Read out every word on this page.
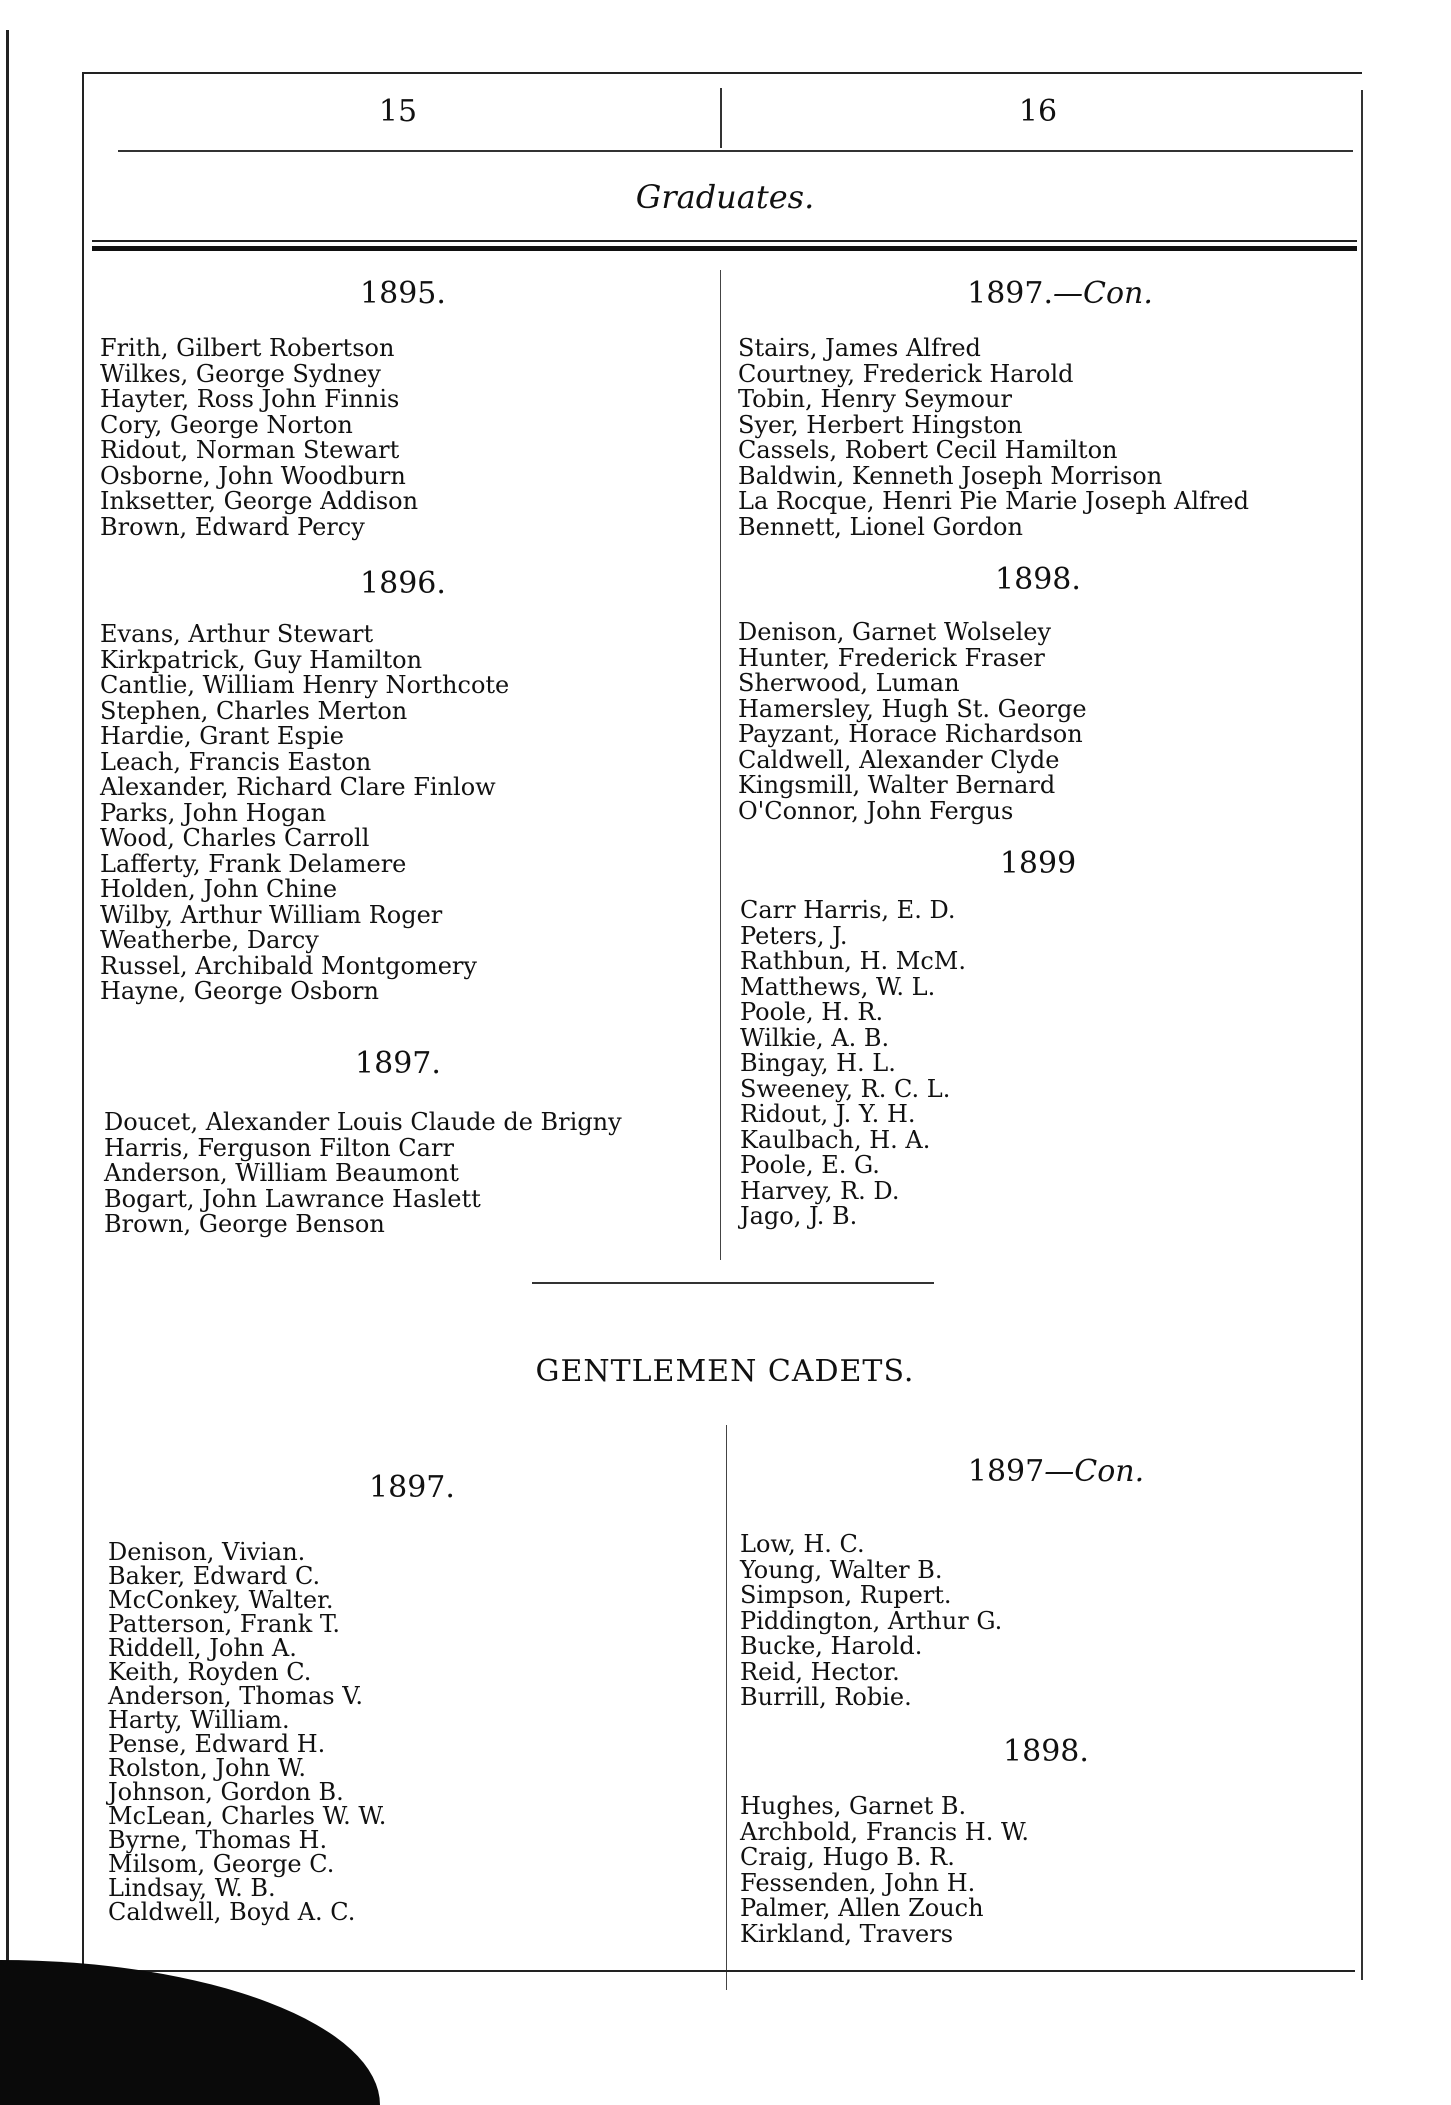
15	16
Graduates.
1895.
Frith, Gilbert Robertson
Wilkes, George Sydney
Hayter, Ross John Finnis
Cory, George Norton
Ridout, Norman Stewart
Osborne, John Woodburn
Inksetter, George Addison
Brown, Edward Percy
1896.
Evans, Arthur Stewart
Kirkpatrick, Guy Hamilton
Cantlie, William Henry Northcote
Stephen, Charles Merton
Hardie, Grant Espie
Leach, Francis Easton
Alexander, Richard Clare Finlow
Parks, John Hogan
Wood, Charles Carroll
Lafferty, Frank Delamere
Holden, John Chine
Wilby, Arthur William Roger
Weatherbe, Darcy
Russel, Archibald Montgomery
Hayne, George Osborn
1897.
Doucet, Alexander Louis Claude de Brigny
Harris, Ferguson Filton Carr
Anderson, William Beaumont
Bogart, John Lawrance Haslett
Brown, George Benson
1897.—Con.
Stairs, James Alfred
Courtney, Frederick Harold
Tobin, Henry Seymour
Syer, Herbert Hingston
Cassels, Robert Cecil Hamilton
Baldwin, Kenneth Joseph Morrison
La Rocque, Henri Pie Marie Joseph Alfred
Bennett, Lionel Gordon
1898.
Denison, Garnet Wolseley
Hunter, Frederick Fraser
Sherwood, Luman
Hamersley, Hugh St. George
Payzant, Horace Richardson
Caldwell, Alexander Clyde
Kingsmill, Walter Bernard
O'Connor, John Fergus
1899
Carr Harris, E. D.
Peters, J.
Rathbun, H. McM.
Matthews, W. L.
Poole, H. R.
Wilkie, A. B.
Bingay, H. L.
Sweeney, R. C. L.
Ridout, J. Y. H.
Kaulbach, H. A.
Poole, E. G.
Harvey, R. D.
Jago, J. B.
GENTLEMEN CADETS.
1897.
Denison, Vivian.
Baker, Edward C.
McConkey, Walter.
Patterson, Frank T.
Riddell, John A.
Keith, Royden C.
Anderson, Thomas V.
Harty, William.
Pense, Edward H.
Rolston, John W.
Johnson, Gordon B.
McLean, Charles W. W.
Byrne, Thomas H.
Milsom, George C.
Lindsay, W. B.
Caldwell, Boyd A. C.
1897—Con.
Low, H. C.
Young, Walter B.
Simpson, Rupert.
Piddington, Arthur G.
Bucke, Harold.
Reid, Hector.
Burrill, Robie.
1898.
Hughes, Garnet B.
Archbold, Francis H. W.
Craig, Hugo B. R.
Fessenden, John H.
Palmer, Allen Zouch
Kirkland, Travers
